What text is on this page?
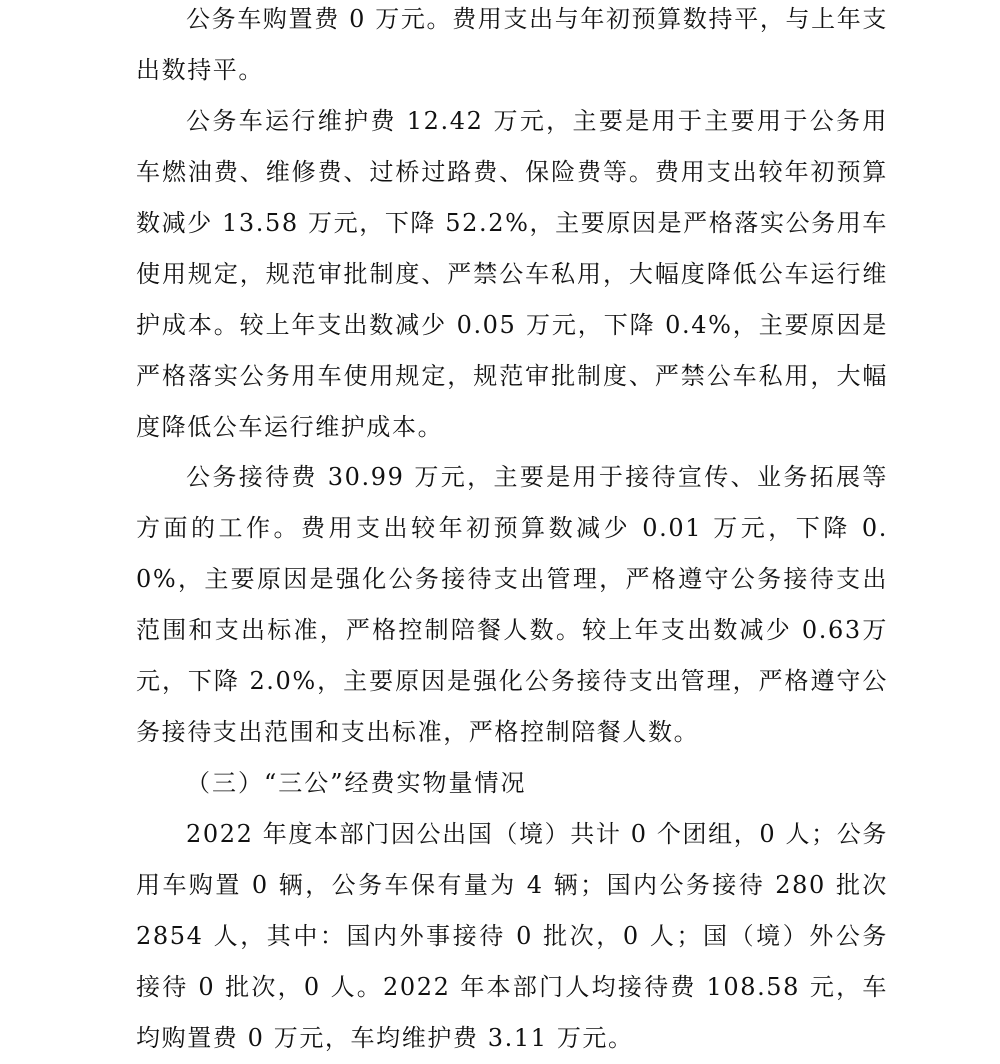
公务车购置费 0 万元。费用支出与年初预算数持平，与上年支出数持平。

公务车运行维护费 12.42 万元，主要是用于主要用于公务用车燃油费、维修费、过桥过路费、保险费等。费用支出较年初预算数减少 13.58 万元，下降 52.2%，主要原因是严格落实公务用车使用规定，规范审批制度、严禁公车私用，大幅度降低公车运行维护成本。较上年支出数减少 0.05 万元，下降 0.4%，主要原因是严格落实公务用车使用规定，规范审批制度、严禁公车私用，大幅度降低公车运行维护成本。

公务接待费 30.99 万元，主要是用于接待宣传、业务拓展等方面的工作。费用支出较年初预算数减少 0.01 万元，下降 0.0%，主要原因是强化公务接待支出管理，严格遵守公务接待支出范围和支出标准，严格控制陪餐人数。较上年支出数减少 0.63万元，下降 2.0%，主要原因是强化公务接待支出管理，严格遵守公务接待支出范围和支出标准，严格控制陪餐人数。

（三）“三公”经费实物量情况

2022 年度本部门因公出国（境）共计 0 个团组，0 人；公务用车购置 0 辆，公务车保有量为 4 辆；国内公务接待 280 批次 2854 人，其中：国内外事接待 0 批次，0 人；国（境）外公务接待 0 批次，0 人。2022 年本部门人均接待费 108.58 元，车均购置费 0 万元，车均维护费 3.11 万元。
